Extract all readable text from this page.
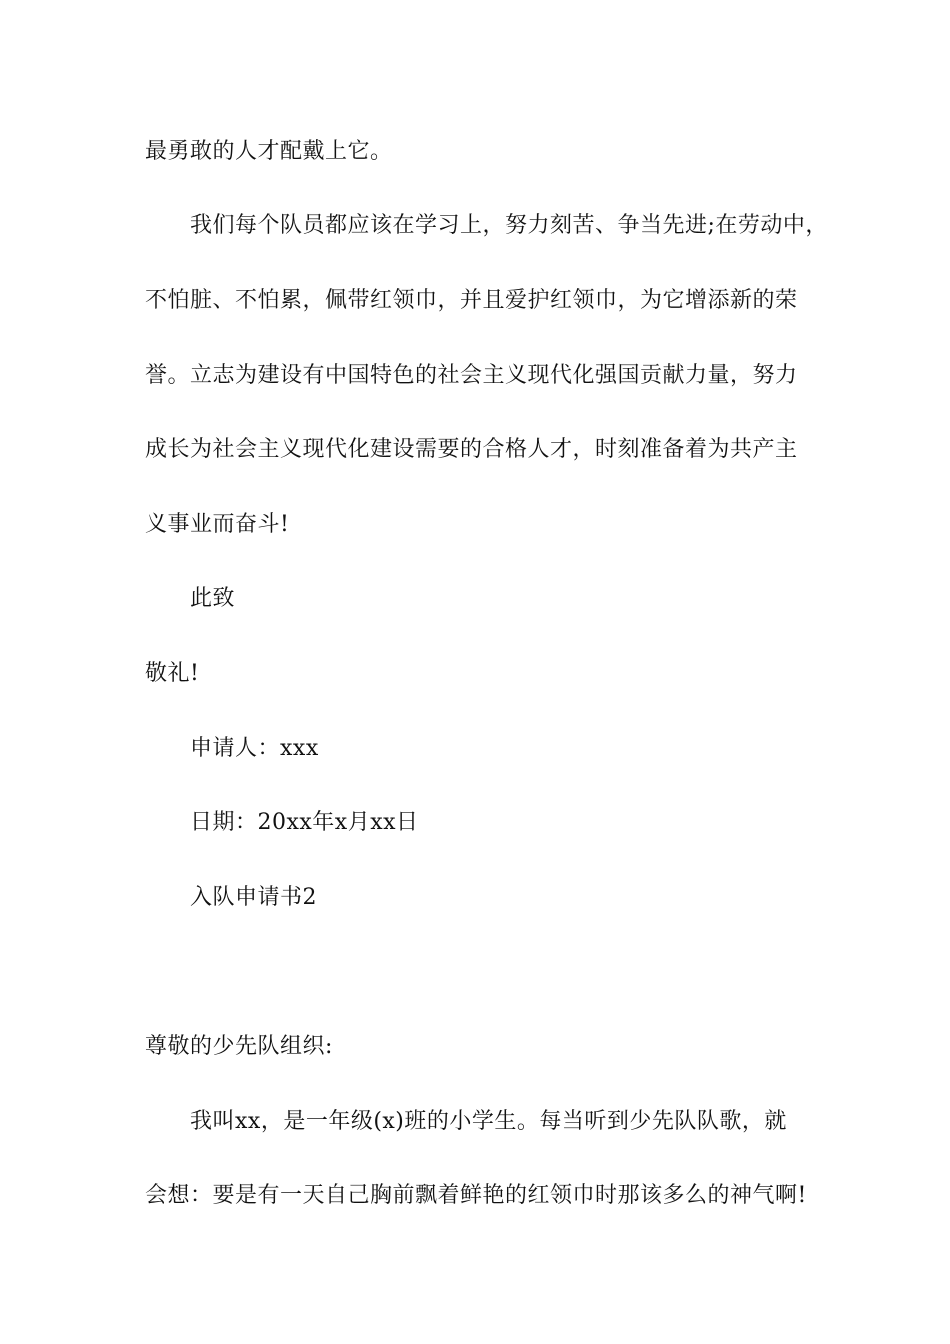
最勇敢的人才配戴上它。
我们每个队员都应该在学习上，努力刻苦、争当先进;在劳动中，
不怕脏、不怕累，佩带红领巾，并且爱护红领巾，为它增添新的荣
誉。立志为建设有中国特色的社会主义现代化强国贡献力量，努力
成长为社会主义现代化建设需要的合格人才，时刻准备着为共产主
义事业而奋斗!
此致
敬礼!
申请人：xxx
日期：20xx年x月xx日
入队申请书2
尊敬的少先队组织:
我叫xx，是一年级(x)班的小学生。每当听到少先队队歌，就
会想：要是有一天自己胸前飘着鲜艳的红领巾时那该多么的神气啊!
